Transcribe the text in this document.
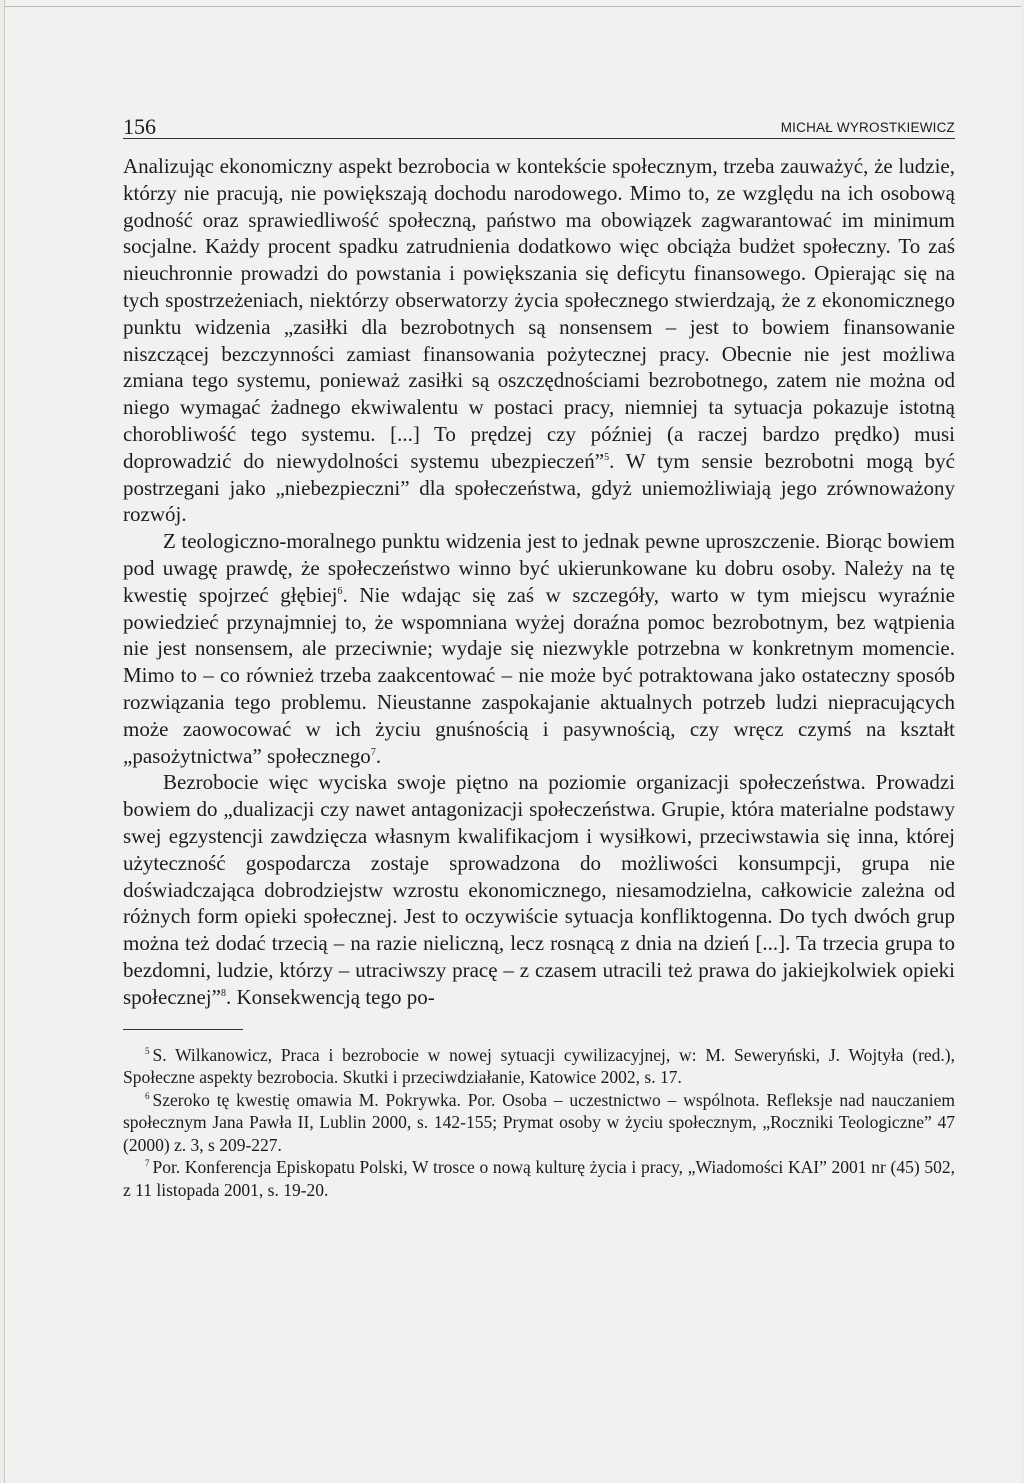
156	MICHAŁ WYROSTKIEWICZ

Analizując ekonomiczny aspekt bezrobocia w kontekście społecznym, trzeba zauważyć, że ludzie, którzy nie pracują, nie powiększają dochodu narodowego. Mimo to, ze względu na ich osobową godność oraz sprawiedliwość społeczną, państwo ma obowiązek zagwarantować im minimum socjalne. Każdy procent spadku zatrudnienia dodatkowo więc obciąża budżet społeczny. To zaś nieuchronnie prowadzi do powstania i powiększania się deficytu finansowego. Opierając się na tych spostrzeżeniach, niektórzy obserwatorzy życia społecznego stwierdzają, że z ekonomicznego punktu widzenia „zasiłki dla bezrobotnych są nonsensem – jest to bowiem finansowanie niszczącej bezczynności zamiast finansowania pożytecznej pracy. Obecnie nie jest możliwa zmiana tego systemu, ponieważ zasiłki są oszczędnościami bezrobotnego, zatem nie można od niego wymagać żadnego ekwiwalentu w postaci pracy, niemniej ta sytuacja pokazuje istotną chorobliwość tego systemu. [...] To prędzej czy później (a raczej bardzo prędko) musi doprowadzić do niewydolności systemu ubezpieczeń”$^5$. W tym sensie bezrobotni mogą być postrzegani jako „niebezpieczni” dla społeczeństwa, gdyż uniemożliwiają jego zrównoważony rozwój.

Z teologiczno-moralnego punktu widzenia jest to jednak pewne uproszczenie. Biorąc bowiem pod uwagę prawdę, że społeczeństwo winno być ukierunkowane ku dobru osoby. Należy na tę kwestię spojrzeć głębiej$^6$. Nie wdając się zaś w szczegóły, warto w tym miejscu wyraźnie powiedzieć przynajmniej to, że wspomniana wyżej doraźna pomoc bezrobotnym, bez wątpienia nie jest nonsensem, ale przeciwnie; wydaje się niezwykle potrzebna w konkretnym momencie. Mimo to – co również trzeba zaakcentować – nie może być potraktowana jako ostateczny sposób rozwiązania tego problemu. Nieustanne zaspokajanie aktualnych potrzeb ludzi niepracujących może zaowocować w ich życiu gnuśnością i pasywnością, czy wręcz czymś na kształt „pasożytnictwa” społecznego$^7$.

Bezrobocie więc wyciska swoje piętno na poziomie organizacji społeczeństwa. Prowadzi bowiem do „dualizacji czy nawet antagonizacji społeczeństwa. Grupie, która materialne podstawy swej egzystencji zawdzięcza własnym kwalifikacjom i wysiłkowi, przeciwstawia się inna, której użyteczność gospodarcza zostaje sprowadzona do możliwości konsumpcji, grupa nie doświadczająca dobrodziejstw wzrostu ekonomicznego, niesamodzielna, całkowicie zależna od różnych form opieki społecznej. Jest to oczywiście sytuacja konfliktogenna. Do tych dwóch grup można też dodać trzecią – na razie nieliczną, lecz rosnącą z dnia na dzień [...]. Ta trzecia grupa to bezdomni, ludzie, którzy – utraciwszy pracę – z czasem utracili też prawa do jakiejkolwiek opieki społecznej”$^8$. Konsekwencją tego po-

$^5$ S. Wilkanowicz, Praca i bezrobocie w nowej sytuacji cywilizacyjnej, w: M. Seweryński, J. Wojtyła (red.), Społeczne aspekty bezrobocia. Skutki i przeciwdziałanie, Katowice 2002, s. 17.

$^6$ Szeroko tę kwestię omawia M. Pokrywka. Por. Osoba – uczestnictwo – wspólnota. Refleksje nad nauczaniem społecznym Jana Pawła II, Lublin 2000, s. 142-155; Prymat osoby w życiu społecznym, „Roczniki Teologiczne” 47 (2000) z. 3, s 209-227.

$^7$ Por. Konferencja Episkopatu Polski, W trosce o nową kulturę życia i pracy, „Wiadomości KAI” 2001 nr (45) 502, z 11 listopada 2001, s. 19-20.
